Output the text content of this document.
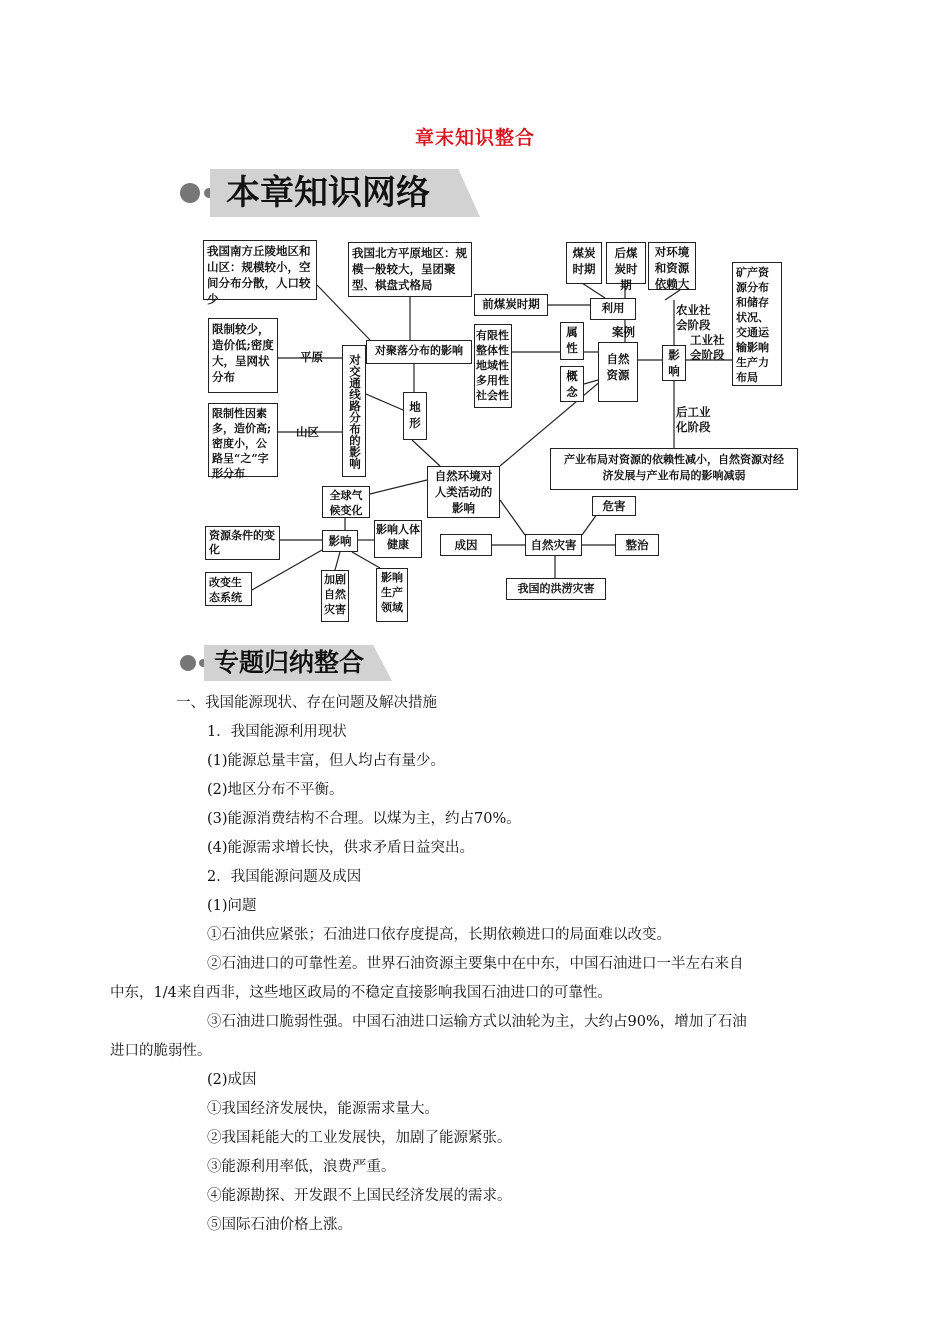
章末知识整合
本章知识网络
我国南方丘陵地区和山区：规模较小，空间分布分散，人口较少
我国北方平原地区：规模一般较大，呈团聚型、棋盘式格局
煤炭时期
后煤炭时期
对环境和资源依赖大
矿产资源分布和储存状况、交通运输影响生产力布局
前煤炭时期	利用
案例
农业社会阶段
工业社会阶段
限制较少，造价低;密度大，呈网状分布
平原	对聚落分布的影响
有限性整体性地域性多用性社会性
属性
自然资源
影响
对交通线路分布的影响	概念
限制性因素多，造价高;密度小，公路呈“之”字形分布
山区
地形
后工业化阶段
产业布局对资源的依赖性减小，自然资源对经济发展与产业布局的影响减弱
自然环境对人类活动的影响
全球气候变化	危害
资源条件的变化
影响
影响人体健康	成因	自然灾害	整治
改变生态系统
加剧自然灾害
影响生产领域
我国的洪涝灾害
专题归纳整合

一、我国能源现状、存在问题及解决措施

1．我国能源利用现状

(1)能源总量丰富，但人均占有量少。

(2)地区分布不平衡。

(3)能源消费结构不合理。以煤为主，约占70%。

(4)能源需求增长快，供求矛盾日益突出。

2．我国能源问题及成因

(1)问题

①石油供应紧张；石油进口依存度提高，长期依赖进口的局面难以改变。

②石油进口的可靠性差。世界石油资源主要集中在中东，中国石油进口一半左右来自中东，1/4来自西非，这些地区政局的不稳定直接影响我国石油进口的可靠性。

③石油进口脆弱性强。中国石油进口运输方式以油轮为主，大约占90%，增加了石油进口的脆弱性。

(2)成因

①我国经济发展快，能源需求量大。

②我国耗能大的工业发展快，加剧了能源紧张。

③能源利用率低，浪费严重。

④能源勘探、开发跟不上国民经济发展的需求。

⑤国际石油价格上涨。
